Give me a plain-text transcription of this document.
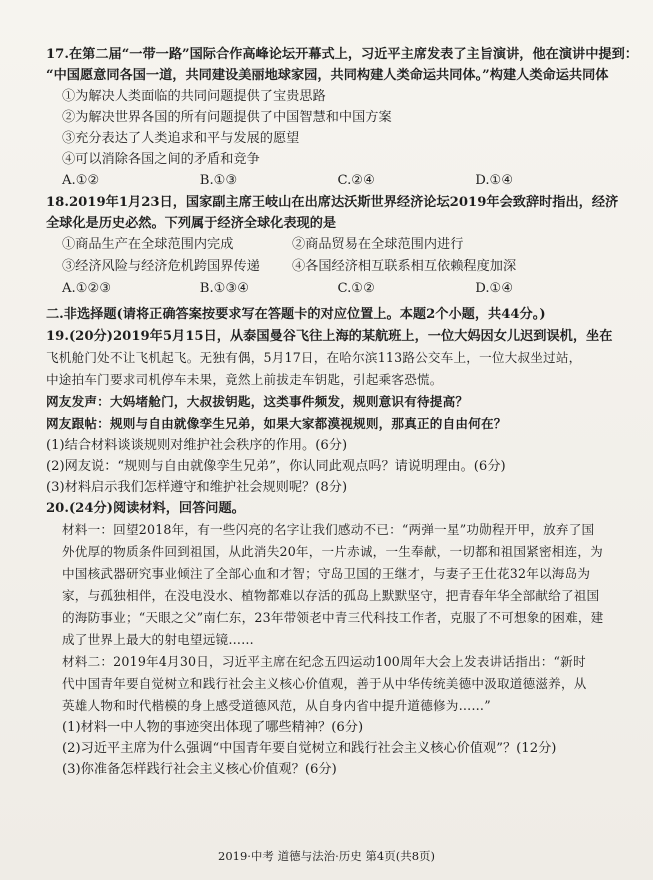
17.在第二届“一带一路”国际合作高峰论坛开幕式上，习近平主席发表了主旨演讲，他在演讲中提到：
“中国愿意同各国一道，共同建设美丽地球家园，共同构建人类命运共同体。”构建人类命运共同体
①为解决人类面临的共同问题提供了宝贵思路
②为解决世界各国的所有问题提供了中国智慧和中国方案
③充分表达了人类追求和平与发展的愿望
④可以消除各国之间的矛盾和竞争
A.①②	B.①③	C.②④	D.①④
18.2019年1月23日，国家副主席王岐山在出席达沃斯世界经济论坛2019年会致辞时指出，经济
全球化是历史必然。下列属于经济全球化表现的是
①商品生产在全球范围内完成	②商品贸易在全球范围内进行
③经济风险与经济危机跨国界传递	④各国经济相互联系相互依赖程度加深
A.①②③	B.①③④	C.①②	D.①④
二.非选择题(请将正确答案按要求写在答题卡的对应位置上。本题2个小题，共44分。)
19.(20分)2019年5月15日，从泰国曼谷飞往上海的某航班上，一位大妈因女儿迟到误机，坐在
飞机舱门处不让飞机起飞。无独有偶，5月17日，在哈尔滨113路公交车上，一位大叔坐过站，
中途拍车门要求司机停车未果，竟然上前拔走车钥匙，引起乘客恐慌。
网友发声：大妈堵舱门，大叔拔钥匙，这类事件频发，规则意识有待提高？
网友跟帖：规则与自由就像孪生兄弟，如果大家都漠视规则，那真正的自由何在？
(1)结合材料谈谈规则对维护社会秩序的作用。(6分)
(2)网友说：“规则与自由就像孪生兄弟”，你认同此观点吗？请说明理由。(6分)
(3)材料启示我们怎样遵守和维护社会规则呢？(8分)
20.(24分)阅读材料，回答问题。
材料一：回望2018年，有一些闪亮的名字让我们感动不已：“两弹一星”功勋程开甲，放弃了国
外优厚的物质条件回到祖国，从此消失20年，一片赤诚，一生奉献，一切都和祖国紧密相连，为
中国核武器研究事业倾注了全部心血和才智；守岛卫国的王继才，与妻子王仕花32年以海岛为
家，与孤独相伴，在没电没水、植物都难以存活的孤岛上默默坚守，把青春年华全部献给了祖国
的海防事业；“天眼之父”南仁东，23年带领老中青三代科技工作者，克服了不可想象的困难，建
成了世界上最大的射电望远镜……
材料二：2019年4月30日，习近平主席在纪念五四运动100周年大会上发表讲话指出：“新时
代中国青年要自觉树立和践行社会主义核心价值观，善于从中华传统美德中汲取道德滋养，从
英雄人物和时代楷模的身上感受道德风范，从自身内省中提升道德修为……”
(1)材料一中人物的事迹突出体现了哪些精神？(6分)
(2)习近平主席为什么强调“中国青年要自觉树立和践行社会主义核心价值观”？(12分)
(3)你准备怎样践行社会主义核心价值观？(6分)
2019·中考 道德与法治·历史 第4页(共8页)
